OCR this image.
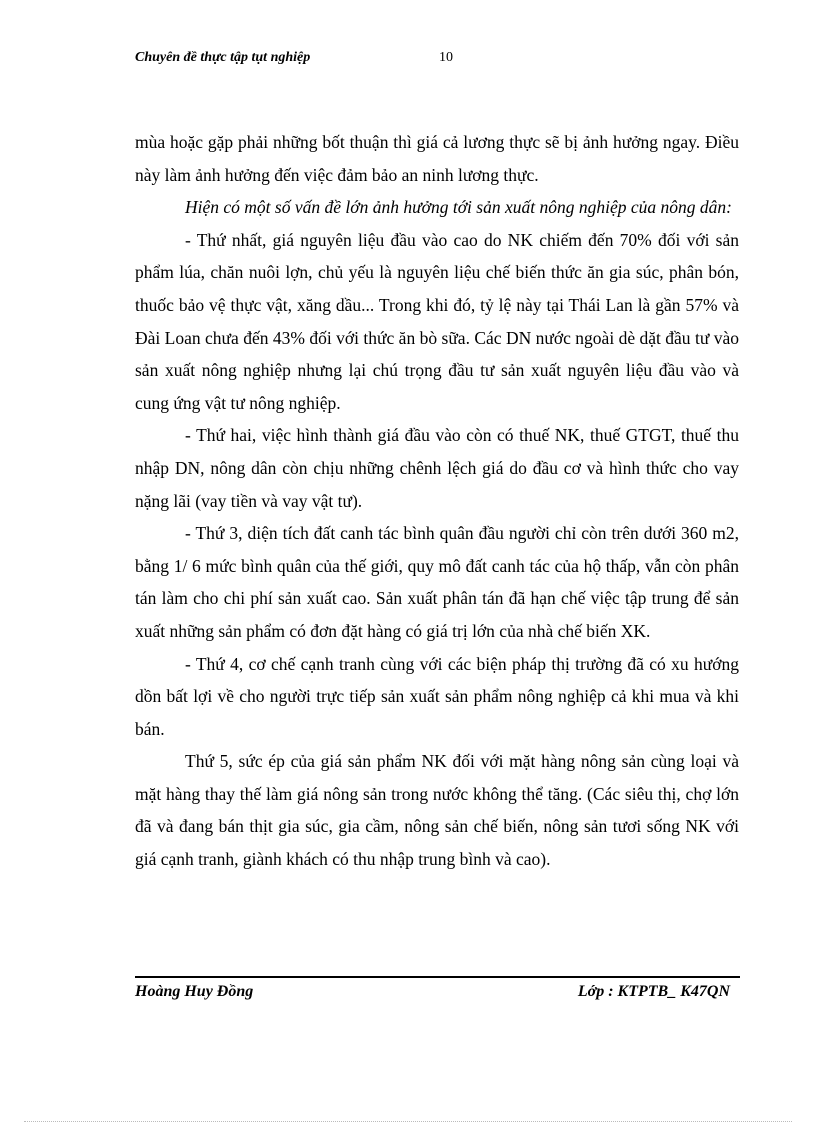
Chuyên đề thực tập tụt nghiệp	10

mùa hoặc gặp phải những bốt thuận thì giá cả lương thực sẽ bị ảnh hưởng ngay. Điều này làm ảnh hưởng đến việc đảm bảo an ninh lương thực.

Hiện có một số vấn đề lớn ảnh hưởng tới sản xuất nông nghiệp của nông dân:

- Thứ nhất, giá nguyên liệu đầu vào cao do NK chiếm đến 70% đối với sản phẩm lúa, chăn nuôi lợn, chủ yếu là nguyên liệu chế biến thức ăn gia súc, phân bón, thuốc bảo vệ thực vật, xăng dầu... Trong khi đó, tỷ lệ này tại Thái Lan là gần 57% và Đài Loan chưa đến 43% đối với thức ăn bò sữa. Các DN nước ngoài dè dặt đầu tư vào sản xuất nông nghiệp nhưng lại chú trọng đầu tư sản xuất nguyên liệu đầu vào và cung ứng vật tư nông nghiệp.

- Thứ hai, việc hình thành giá đầu vào còn có thuế NK, thuế GTGT, thuế thu nhập DN, nông dân còn chịu những chênh lệch giá do đầu cơ và hình thức cho vay nặng lãi (vay tiền và vay vật tư).

- Thứ 3, diện tích đất canh tác bình quân đầu người chỉ còn trên dưới 360 m2, bằng 1/ 6 mức bình quân của thế giới, quy mô đất canh tác của hộ thấp, vẫn còn phân tán làm cho chi phí sản xuất cao. Sản xuất phân tán đã hạn chế việc tập trung để sản xuất những sản phẩm có đơn đặt hàng có giá trị lớn của nhà chế biến XK.

- Thứ 4, cơ chế cạnh tranh cùng với các biện pháp thị trường đã có xu hướng dồn bất lợi về cho người trực tiếp sản xuất sản phẩm nông nghiệp cả khi mua và khi bán.

Thứ 5, sức ép của giá sản phẩm NK đối với mặt hàng nông sản cùng loại và mặt hàng thay thế làm giá nông sản trong nước không thể tăng. (Các siêu thị, chợ lớn đã và đang bán thịt gia súc, gia cầm, nông sản chế biến, nông sản tươi sống NK với giá cạnh tranh, giành khách có thu nhập trung bình và cao).

Hoàng Huy Đồng	Lớp : KTPTB_ K47QN
